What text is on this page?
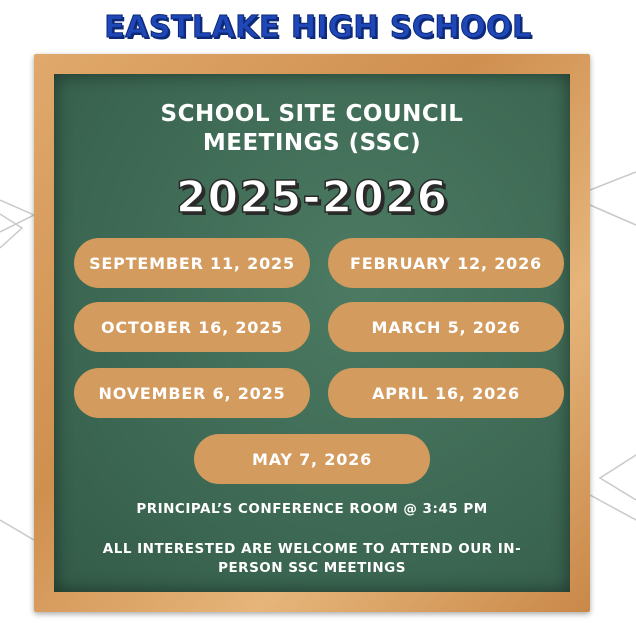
EASTLAKE HIGH SCHOOL
SCHOOL SITE COUNCIL
MEETINGS (SSC)
2025-2026
SEPTEMBER 11, 2025
OCTOBER 16, 2025
NOVEMBER 6, 2025
FEBRUARY 12, 2026
MARCH 5, 2026
APRIL 16, 2026
MAY 7, 2026
PRINCIPAL’S CONFERENCE ROOM @ 3:45 PM
ALL INTERESTED ARE WELCOME TO ATTEND OUR IN-
PERSON SSC MEETINGS
